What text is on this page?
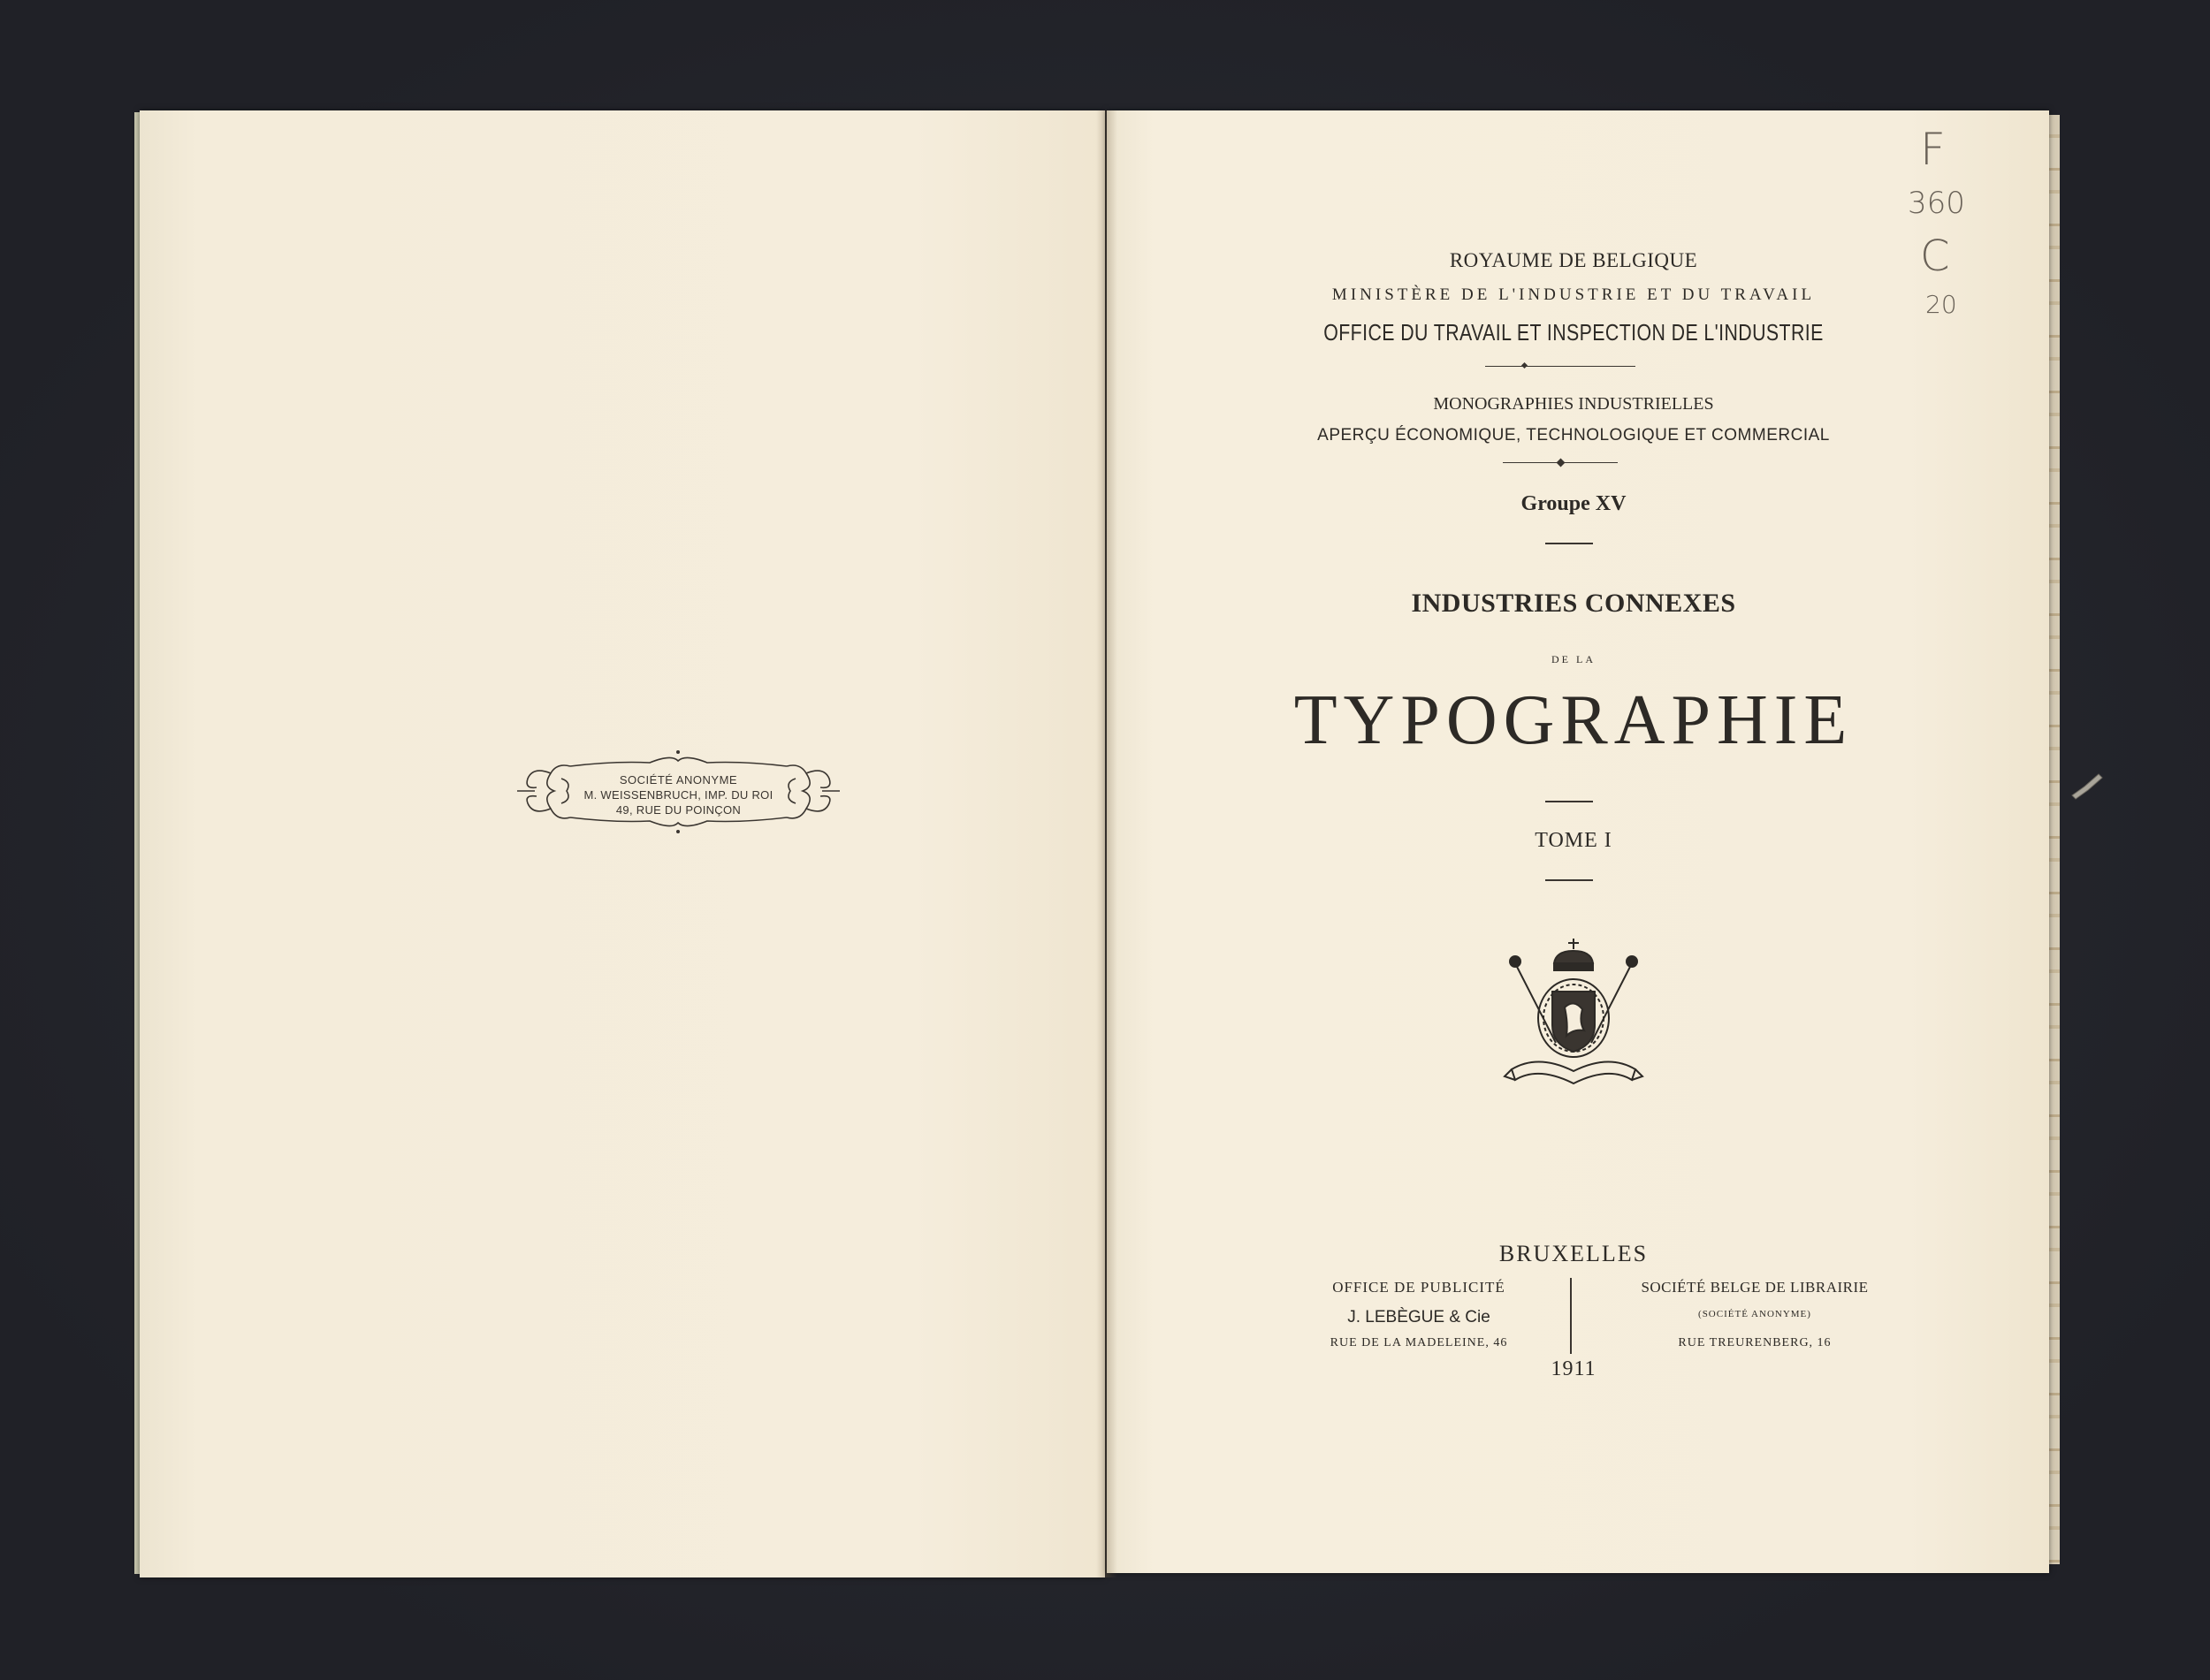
SOCIÉTÉ ANONYME

M. WEISSENBRUCH, IMP. DU ROI

49, RUE DU POINÇON

ROYAUME DE BELGIQUE

MINISTÈRE DE L'INDUSTRIE ET DU TRAVAIL

OFFICE DU TRAVAIL ET INSPECTION DE L'INDUSTRIE

MONOGRAPHIES INDUSTRIELLES

APERÇU ÉCONOMIQUE, TECHNOLOGIQUE ET COMMERCIAL

Groupe XV

INDUSTRIES CONNEXES

DE LA

TYPOGRAPHIE

TOME I

BRUXELLES

1911

OFFICE DE PUBLICITÉ

J. LEBÈGUE & Cie

RUE DE LA MADELEINE, 46

SOCIÉTÉ BELGE DE LIBRAIRIE

(SOCIÉTÉ ANONYME)

RUE TREURENBERG, 16

F

360

C

20
